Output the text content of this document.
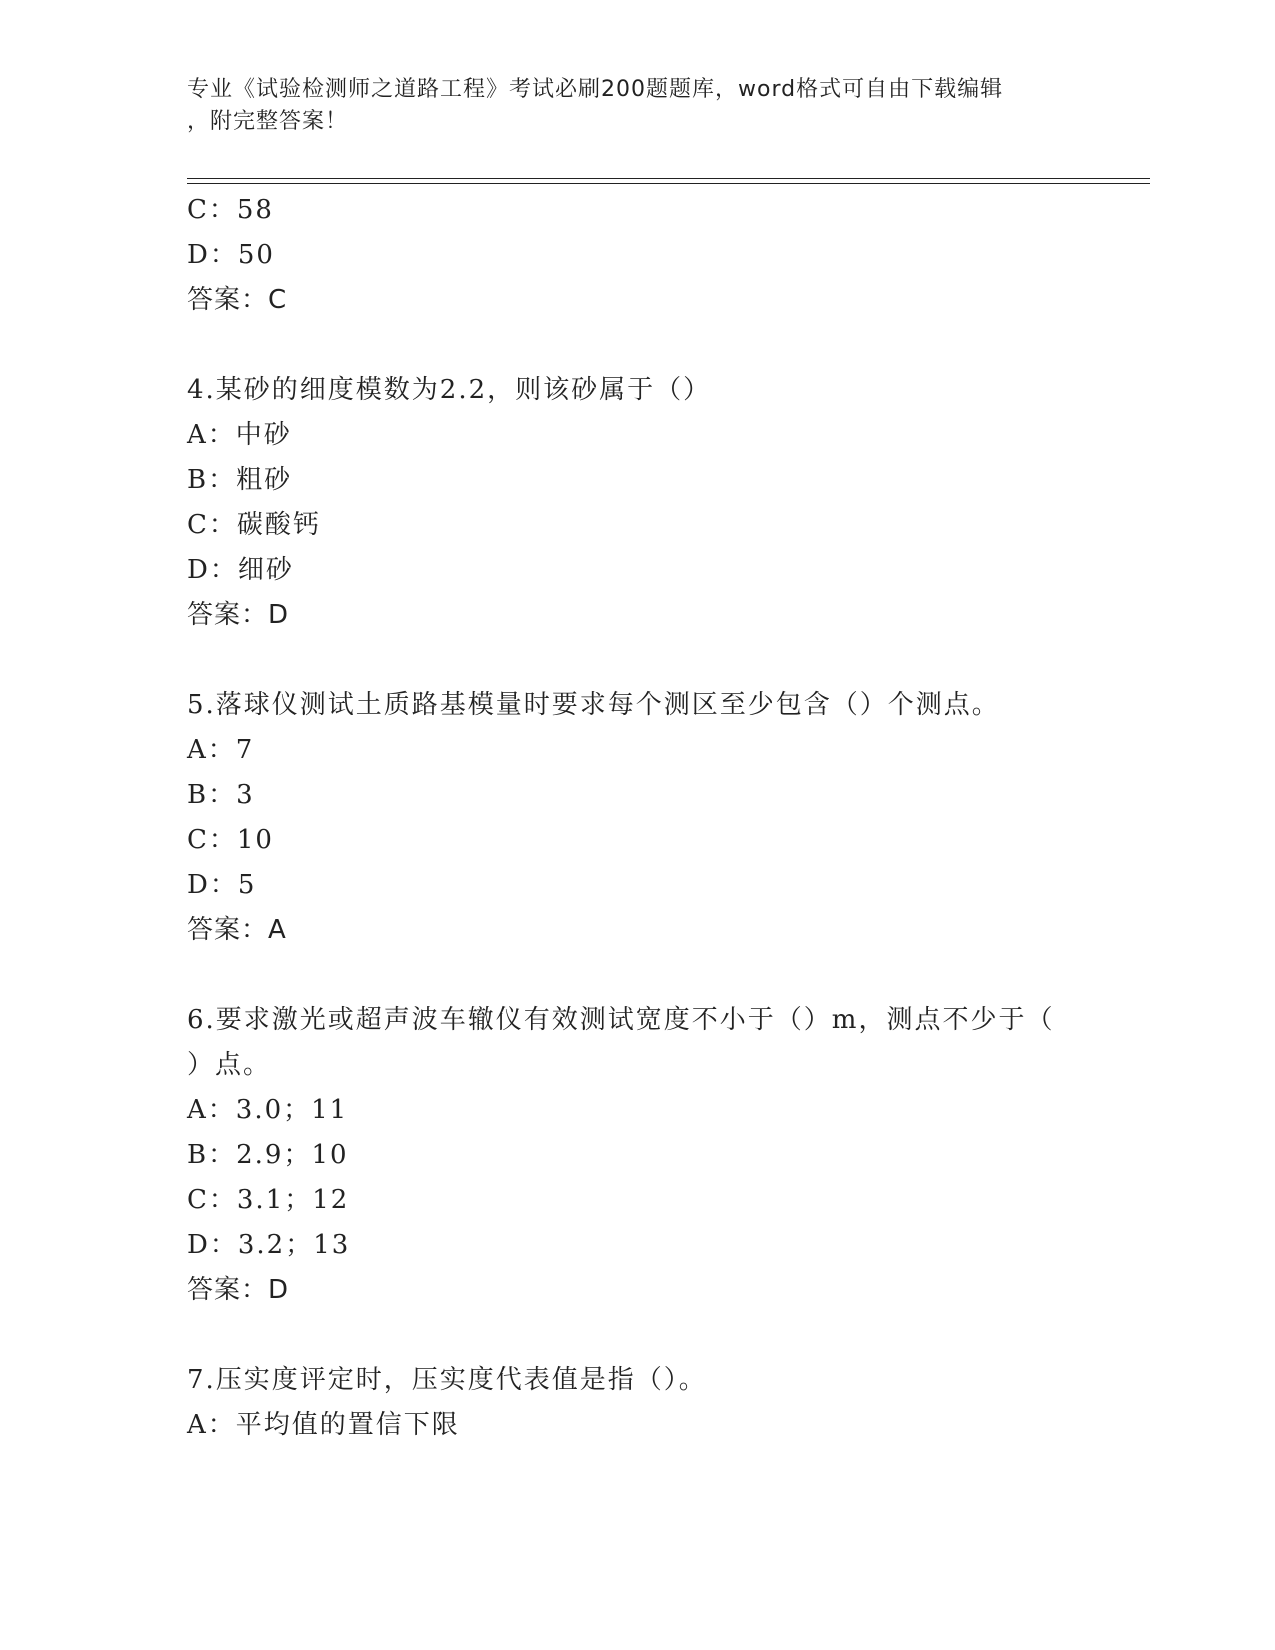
专业《试验检测师之道路工程》考试必刷200题题库，word格式可自由下载编辑
，附完整答案！
C：58
D：50
答案：C
4.某砂的细度模数为2.2，则该砂属于（）
A：中砂
B：粗砂
C：碳酸钙
D：细砂
答案：D
5.落球仪测试土质路基模量时要求每个测区至少包含（）个测点。
A：7
B：3
C：10
D：5
答案：A
6.要求激光或超声波车辙仪有效测试宽度不小于（）m，测点不少于（
）点。
A：3.0；11
B：2.9；10
C：3.1；12
D：3.2；13
答案：D
7.压实度评定时，压实度代表值是指（）。
A：平均值的置信下限
